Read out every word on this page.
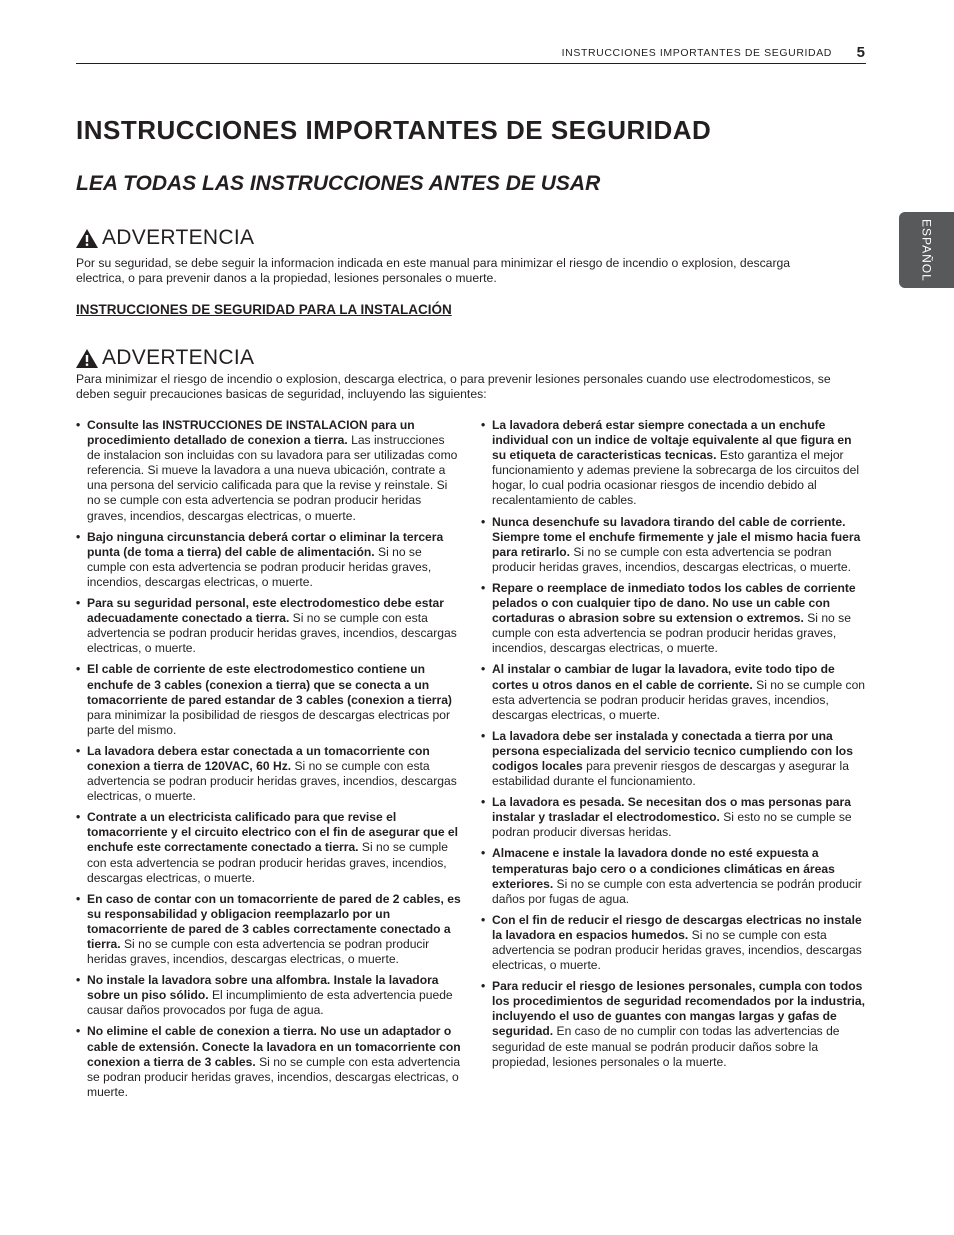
INSTRUCCIONES IMPORTANTES DE SEGURIDAD 5
ESPAÑOL
INSTRUCCIONES IMPORTANTES DE SEGURIDAD
LEA TODAS LAS INSTRUCCIONES ANTES DE USAR
ADVERTENCIA

Por su seguridad, se debe seguir la informacion indicada en este manual para minimizar el riesgo de incendio o explosion, descarga electrica, o para prevenir danos a la propiedad, lesiones personales o muerte.

INSTRUCCIONES DE SEGURIDAD PARA LA INSTALACIÓN

ADVERTENCIA

Para minimizar el riesgo de incendio o explosion, descarga electrica, o para prevenir lesiones personales cuando use electrodomesticos, se deben seguir precauciones basicas de seguridad, incluyendo las siguientes:

• Consulte las INSTRUCCIONES DE INSTALACION para un procedimiento detallado de conexion a tierra. Las instrucciones de instalacion son incluidas con su lavadora para ser utilizadas como referencia. Si mueve la lavadora a una nueva ubicación, contrate a una persona del servicio calificada para que la revise y reinstale. Si no se cumple con esta advertencia se podran producir heridas graves, incendios, descargas electricas, o muerte.
• Bajo ninguna circunstancia deberá cortar o eliminar la tercera punta (de toma a tierra) del cable de alimentación. Si no se cumple con esta advertencia se podran producir heridas graves, incendios, descargas electricas, o muerte.
• Para su seguridad personal, este electrodomestico debe estar adecuadamente conectado a tierra. Si no se cumple con esta advertencia se podran producir heridas graves, incendios, descargas electricas, o muerte.
• El cable de corriente de este electrodomestico contiene un enchufe de 3 cables (conexion a tierra) que se conecta a un tomacorriente de pared estandar de 3 cables (conexion a tierra) para minimizar la posibilidad de riesgos de descargas electricas por parte del mismo.
• La lavadora debera estar conectada a un tomacorriente con conexion a tierra de 120VAC, 60 Hz. Si no se cumple con esta advertencia se podran producir heridas graves, incendios, descargas electricas, o muerte.
• Contrate a un electricista calificado para que revise el tomacorriente y el circuito electrico con el fin de asegurar que el enchufe este correctamente conectado a tierra. Si no se cumple con esta advertencia se podran producir heridas graves, incendios, descargas electricas, o muerte.
• En caso de contar con un tomacorriente de pared de 2 cables, es su responsabilidad y obligacion reemplazarlo por un tomacorriente de pared de 3 cables correctamente conectado a tierra. Si no se cumple con esta advertencia se podran producir heridas graves, incendios, descargas electricas, o muerte.
• No instale la lavadora sobre una alfombra. Instale la lavadora sobre un piso sólido. El incumplimiento de esta advertencia puede causar daños provocados por fuga de agua.
• No elimine el cable de conexion a tierra. No use un adaptador o cable de extensión. Conecte la lavadora en un tomacorriente con conexion a tierra de 3 cables. Si no se cumple con esta advertencia se podran producir heridas graves, incendios, descargas electricas, o muerte.
• La lavadora deberá estar siempre conectada a un enchufe individual con un indice de voltaje equivalente al que figura en su etiqueta de caracteristicas tecnicas. Esto garantiza el mejor funcionamiento y ademas previene la sobrecarga de los circuitos del hogar, lo cual podria ocasionar riesgos de incendio debido al recalentamiento de cables.
• Nunca desenchufe su lavadora tirando del cable de corriente. Siempre tome el enchufe firmemente y jale el mismo hacia fuera para retirarlo. Si no se cumple con esta advertencia se podran producir heridas graves, incendios, descargas electricas, o muerte.
• Repare o reemplace de inmediato todos los cables de corriente pelados o con cualquier tipo de dano. No use un cable con cortaduras o abrasion sobre su extension o extremos. Si no se cumple con esta advertencia se podran producir heridas graves, incendios, descargas electricas, o muerte.
• Al instalar o cambiar de lugar la lavadora, evite todo tipo de cortes u otros danos en el cable de corriente. Si no se cumple con esta advertencia se podran producir heridas graves, incendios, descargas electricas, o muerte.
• La lavadora debe ser instalada y conectada a tierra por una persona especializada del servicio tecnico cumpliendo con los codigos locales para prevenir riesgos de descargas y asegurar la estabilidad durante el funcionamiento.
• La lavadora es pesada. Se necesitan dos o mas personas para instalar y trasladar el electrodomestico. Si esto no se cumple se podran producir diversas heridas.
• Almacene e instale la lavadora donde no esté expuesta a temperaturas bajo cero o a condiciones climáticas en áreas exteriores. Si no se cumple con esta advertencia se podrán producir daños por fugas de agua.
• Con el fin de reducir el riesgo de descargas electricas no instale la lavadora en espacios humedos. Si no se cumple con esta advertencia se podran producir heridas graves, incendios, descargas electricas, o muerte.
• Para reducir el riesgo de lesiones personales, cumpla con todos los procedimientos de seguridad recomendados por la industria, incluyendo el uso de guantes con mangas largas y gafas de seguridad. En caso de no cumplir con todas las advertencias de seguridad de este manual se podrán producir daños sobre la propiedad, lesiones personales o la muerte.
